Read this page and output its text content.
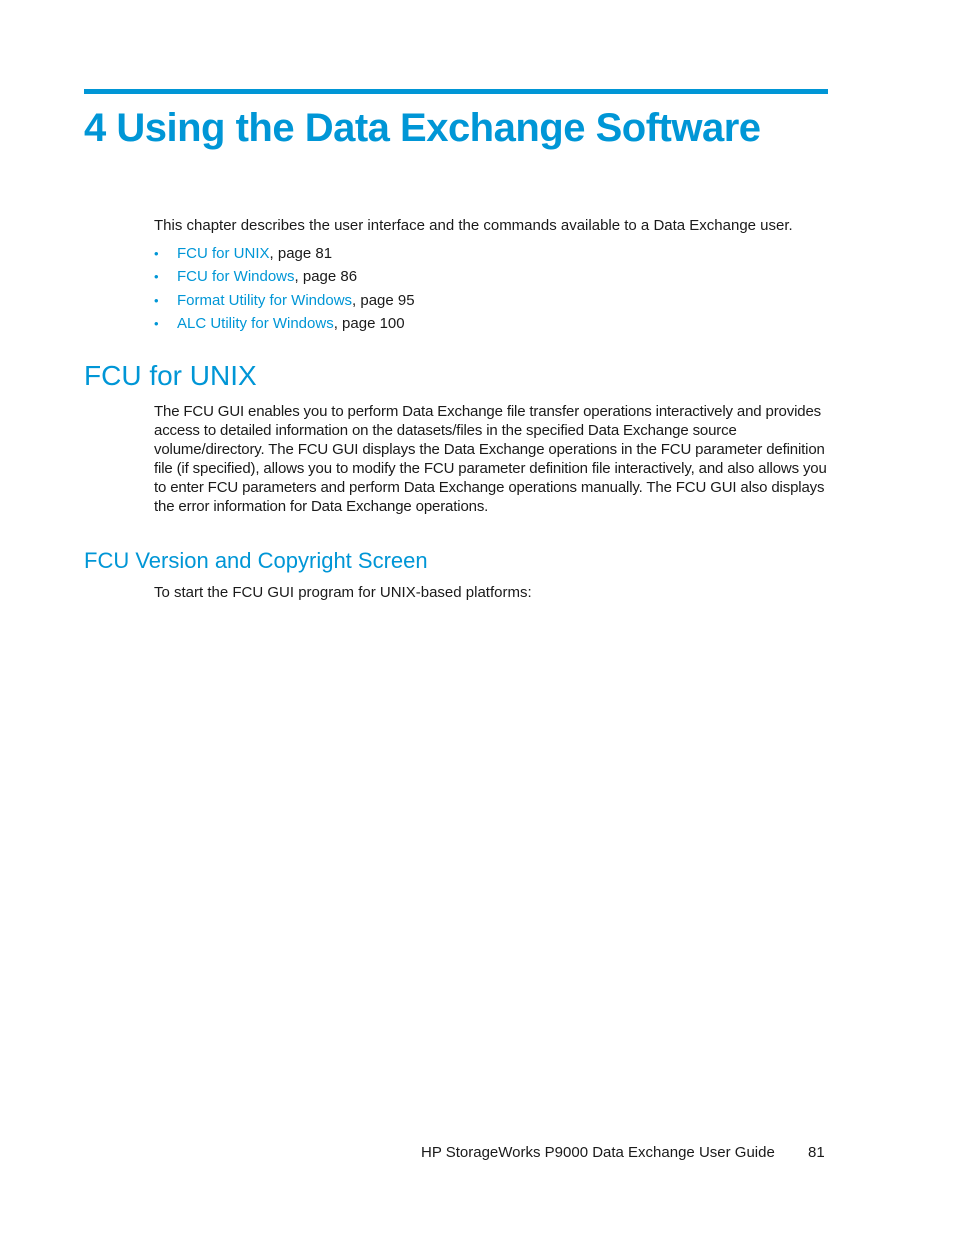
4 Using the Data Exchange Software

This chapter describes the user interface and the commands available to a Data Exchange user.

•	FCU for UNIX , page 81
•	FCU for Windows , page 86
•	Format Utility for Windows , page 95
•	ALC Utility for Windows , page 100
FCU for UNIX

The FCU GUI enables you to perform Data Exchange file transfer operations interactively and provides access to detailed information on the datasets/files in the specified Data Exchange source volume/directory. The FCU GUI displays the Data Exchange operations in the FCU parameter definition file (if specified), allows you to modify the FCU parameter definition file interactively, and also allows you to enter FCU parameters and perform Data Exchange operations manually. The FCU GUI also displays the error information for Data Exchange operations.

FCU Version and Copyright Screen

To start the FCU GUI program for UNIX-based platforms:

HP StorageWorks P9000 Data Exchange User Guide 81
